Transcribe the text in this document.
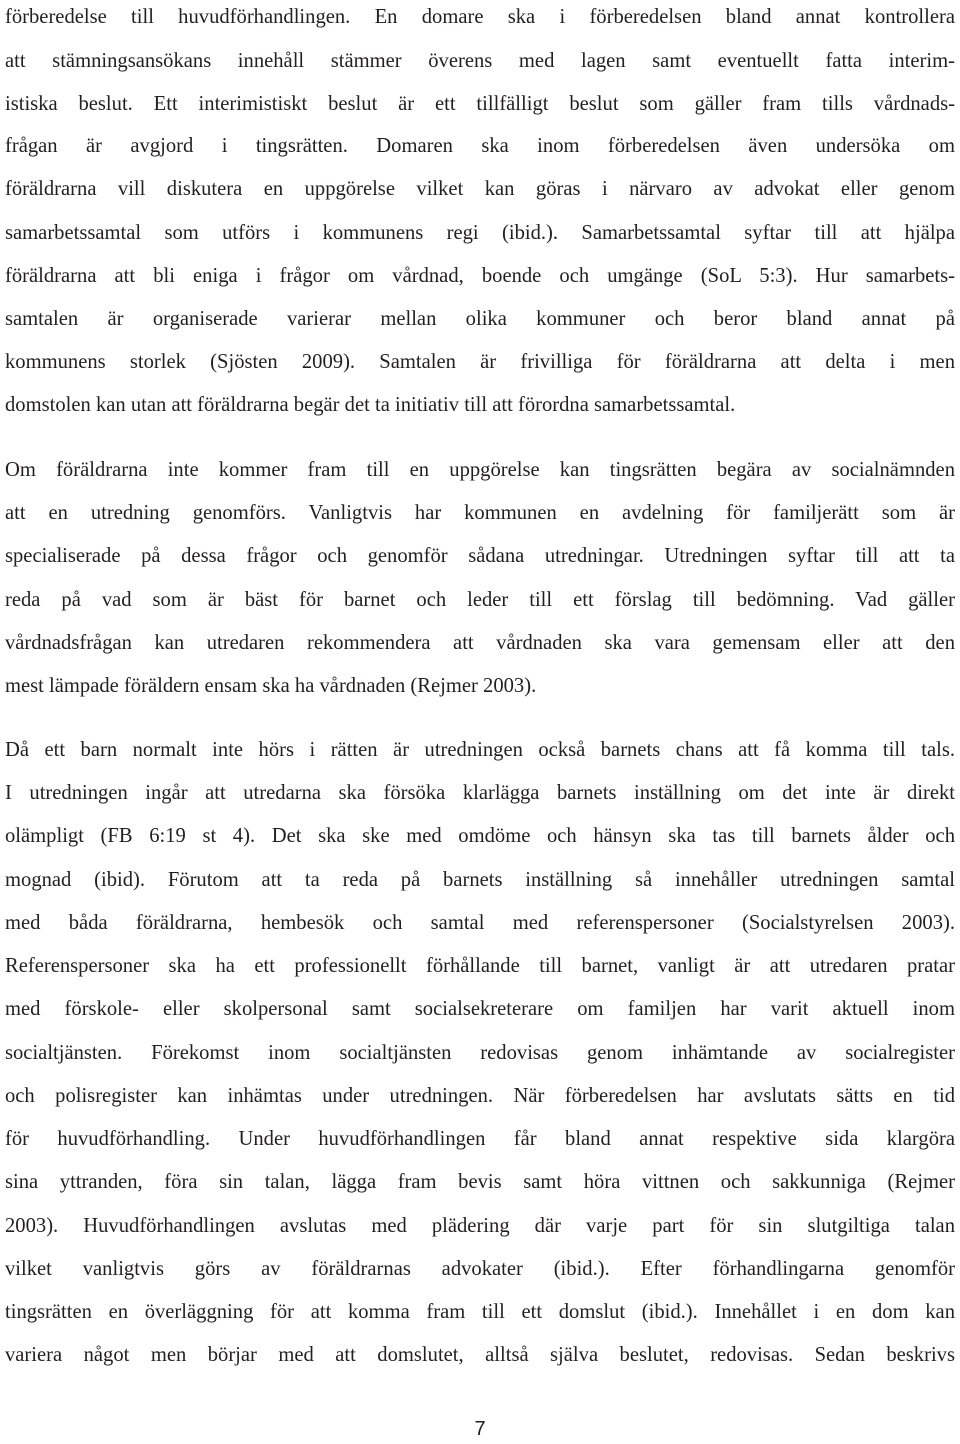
förberedelse till huvudförhandlingen. En domare ska i förberedelsen bland annat kontrollera
att stämningsansökans innehåll stämmer överens med lagen samt eventuellt fatta interim-
istiska beslut. Ett interimistiskt beslut är ett tillfälligt beslut som gäller fram tills vårdnads-
frågan är avgjord i tingsrätten. Domaren ska inom förberedelsen även undersöka om
föräldrarna vill diskutera en uppgörelse vilket kan göras i närvaro av advokat eller genom
samarbetssamtal som utförs i kommunens regi (ibid.). Samarbetssamtal syftar till att hjälpa
föräldrarna att bli eniga i frågor om vårdnad, boende och umgänge (SoL 5:3). Hur samarbets-
samtalen är organiserade varierar mellan olika kommuner och beror bland annat på
kommunens storlek (Sjösten 2009). Samtalen är frivilliga för föräldrarna att delta i men
domstolen kan utan att föräldrarna begär det ta initiativ till att förordna samarbetssamtal.
Om föräldrarna inte kommer fram till en uppgörelse kan tingsrätten begära av socialnämnden
att en utredning genomförs. Vanligtvis har kommunen en avdelning för familjerätt som är
specialiserade på dessa frågor och genomför sådana utredningar. Utredningen syftar till att ta
reda på vad som är bäst för barnet och leder till ett förslag till bedömning. Vad gäller
vårdnadsfrågan kan utredaren rekommendera att vårdnaden ska vara gemensam eller att den
mest lämpade föräldern ensam ska ha vårdnaden (Rejmer 2003).
Då ett barn normalt inte hörs i rätten är utredningen också barnets chans att få komma till tals.
I utredningen ingår att utredarna ska försöka klarlägga barnets inställning om det inte är direkt
olämpligt (FB 6:19 st 4). Det ska ske med omdöme och hänsyn ska tas till barnets ålder och
mognad (ibid). Förutom att ta reda på barnets inställning så innehåller utredningen samtal
med båda föräldrarna, hembesök och samtal med referenspersoner (Socialstyrelsen 2003).
Referenspersoner ska ha ett professionellt förhållande till barnet, vanligt är att utredaren pratar
med förskole- eller skolpersonal samt socialsekreterare om familjen har varit aktuell inom
socialtjänsten. Förekomst inom socialtjänsten redovisas genom inhämtande av socialregister
och polisregister kan inhämtas under utredningen. När förberedelsen har avslutats sätts en tid
för huvudförhandling. Under huvudförhandlingen får bland annat respektive sida klargöra
sina yttranden, föra sin talan, lägga fram bevis samt höra vittnen och sakkunniga (Rejmer
2003). Huvudförhandlingen avslutas med plädering där varje part för sin slutgiltiga talan
vilket vanligtvis görs av föräldrarnas advokater (ibid.). Efter förhandlingarna genomför
tingsrätten en överläggning för att komma fram till ett domslut (ibid.). Innehållet i en dom kan
variera något men börjar med att domslutet, alltså själva beslutet, redovisas. Sedan beskrivs
7
